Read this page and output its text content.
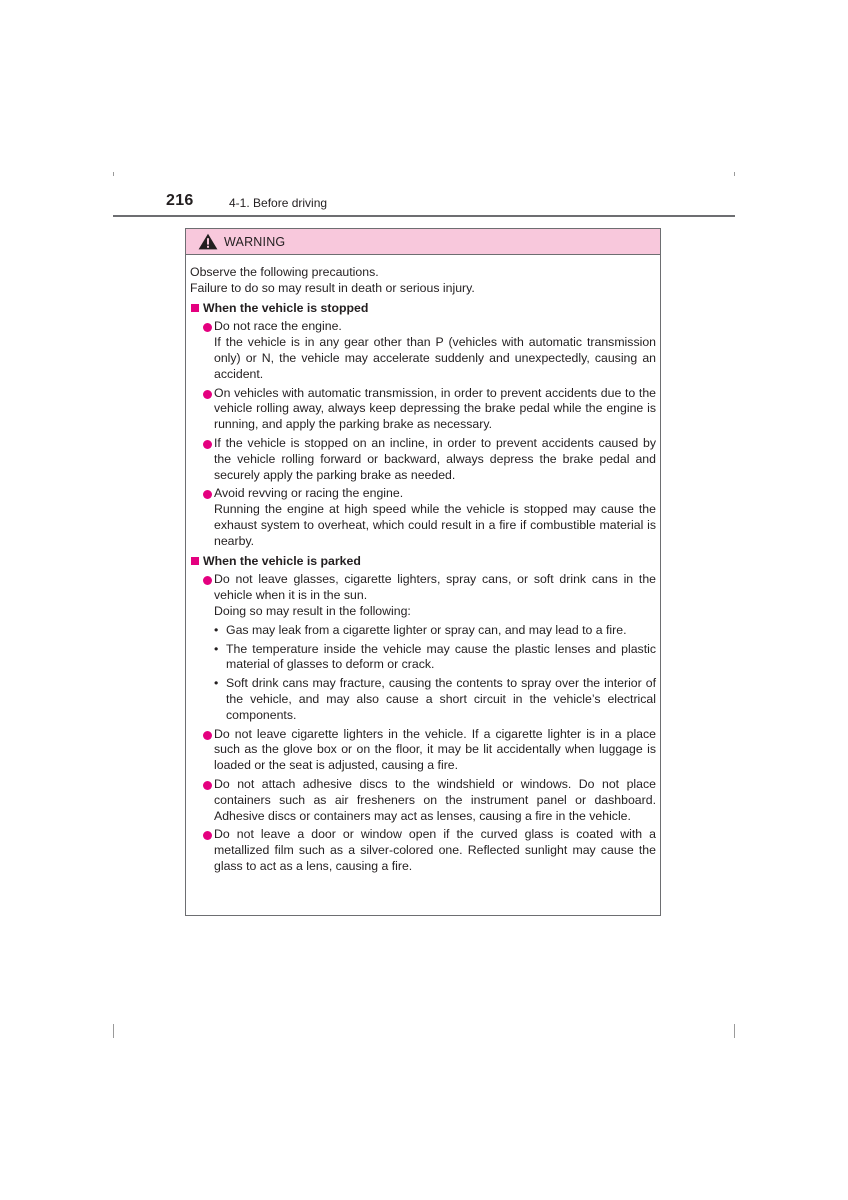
216	4-1. Before driving
WARNING

Observe the following precautions.

Failure to do so may result in death or serious injury.

When the vehicle is stopped

Do not race the engine.

If the vehicle is in any gear other than P (vehicles with automatic transmission only) or N, the vehicle may accelerate suddenly and unexpectedly, causing an accident.

On vehicles with automatic transmission, in order to prevent accidents due to the vehicle rolling away, always keep depressing the brake pedal while the engine is running, and apply the parking brake as necessary.

If the vehicle is stopped on an incline, in order to prevent accidents caused by the vehicle rolling forward or backward, always depress the brake pedal and securely apply the parking brake as needed.

Avoid revving or racing the engine.

Running the engine at high speed while the vehicle is stopped may cause the exhaust system to overheat, which could result in a fire if combustible material is nearby.

When the vehicle is parked

Do not leave glasses, cigarette lighters, spray cans, or soft drink cans in the vehicle when it is in the sun.

Doing so may result in the following:

• Gas may leak from a cigarette lighter or spray can, and may lead to a fire.
• The temperature inside the vehicle may cause the plastic lenses and plastic material of glasses to deform or crack.
• Soft drink cans may fracture, causing the contents to spray over the interior of the vehicle, and may also cause a short circuit in the vehicle’s electrical components.

Do not leave cigarette lighters in the vehicle. If a cigarette lighter is in a place such as the glove box or on the floor, it may be lit accidentally when luggage is loaded or the seat is adjusted, causing a fire.

Do not attach adhesive discs to the windshield or windows. Do not place containers such as air fresheners on the instrument panel or dashboard. Adhesive discs or containers may act as lenses, causing a fire in the vehicle.

Do not leave a door or window open if the curved glass is coated with a metallized film such as a silver-colored one. Reflected sunlight may cause the glass to act as a lens, causing a fire.
